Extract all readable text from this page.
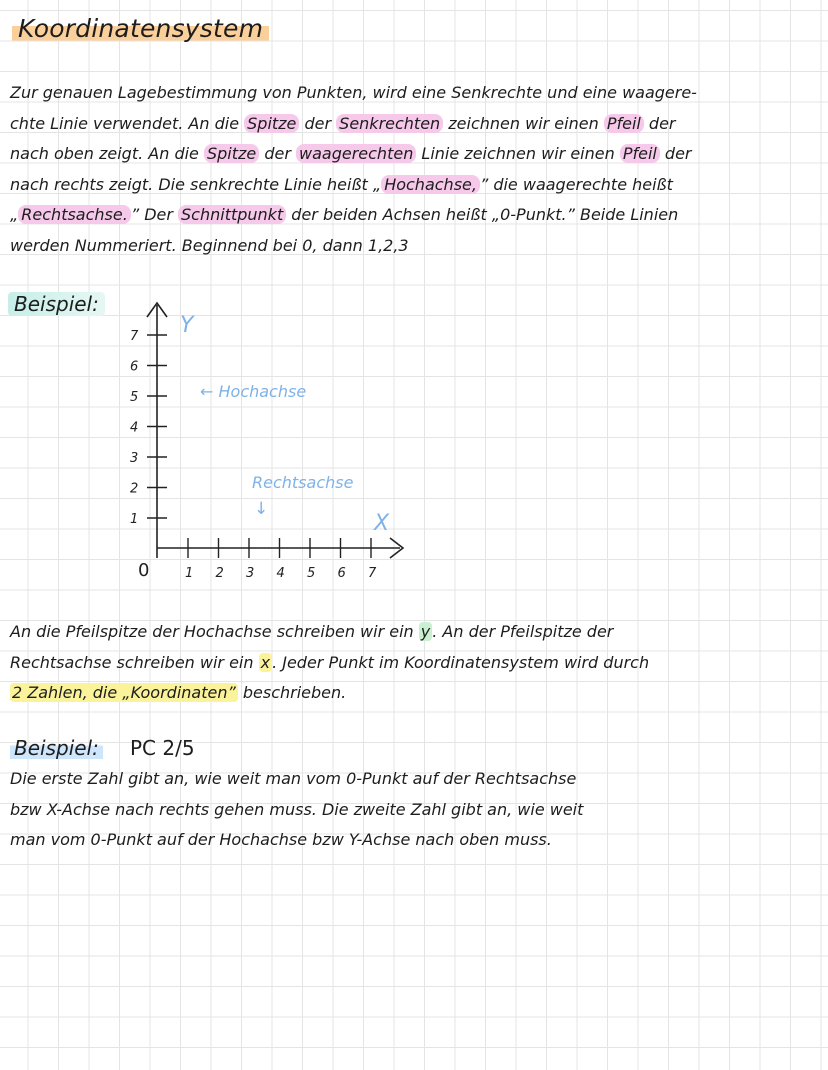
Koordinatensystem
Zur genauen Lagebestimmung von Punkten, wird eine Senkrechte und eine waagere-
chte Linie verwendet. An die Spitze der Senkrechten zeichnen wir einen Pfeil der
nach oben zeigt. An die Spitze der waagerechten Linie zeichnen wir einen Pfeil der
nach rechts zeigt. Die senkrechte Linie heißt „ Hochachse, ” die waagerechte heißt
„ Rechtsachse. ” Der Schnittpunkt der beiden Achsen heißt „0-Punkt.” Beide Linien
werden Nummeriert. Beginnend bei 0, dann 1,2,3
Beispiel:
1
2
3
4
5
6
7
1 2 3 4 5 6 7
0
Y
X
← Hochachse
Rechtsachse
↓
An die Pfeilspitze der Hochachse schreiben wir ein y . An der Pfeilspitze der
Rechtsachse schreiben wir ein x . Jeder Punkt im Koordinatensystem wird durch
2 Zahlen, die „Koordinaten” beschrieben.
Beispiel: PC 2/5
Die erste Zahl gibt an, wie weit man vom 0-Punkt auf der Rechtsachse
bzw X-Achse nach rechts gehen muss. Die zweite Zahl gibt an, wie weit
man vom 0-Punkt auf der Hochachse bzw Y-Achse nach oben muss.
